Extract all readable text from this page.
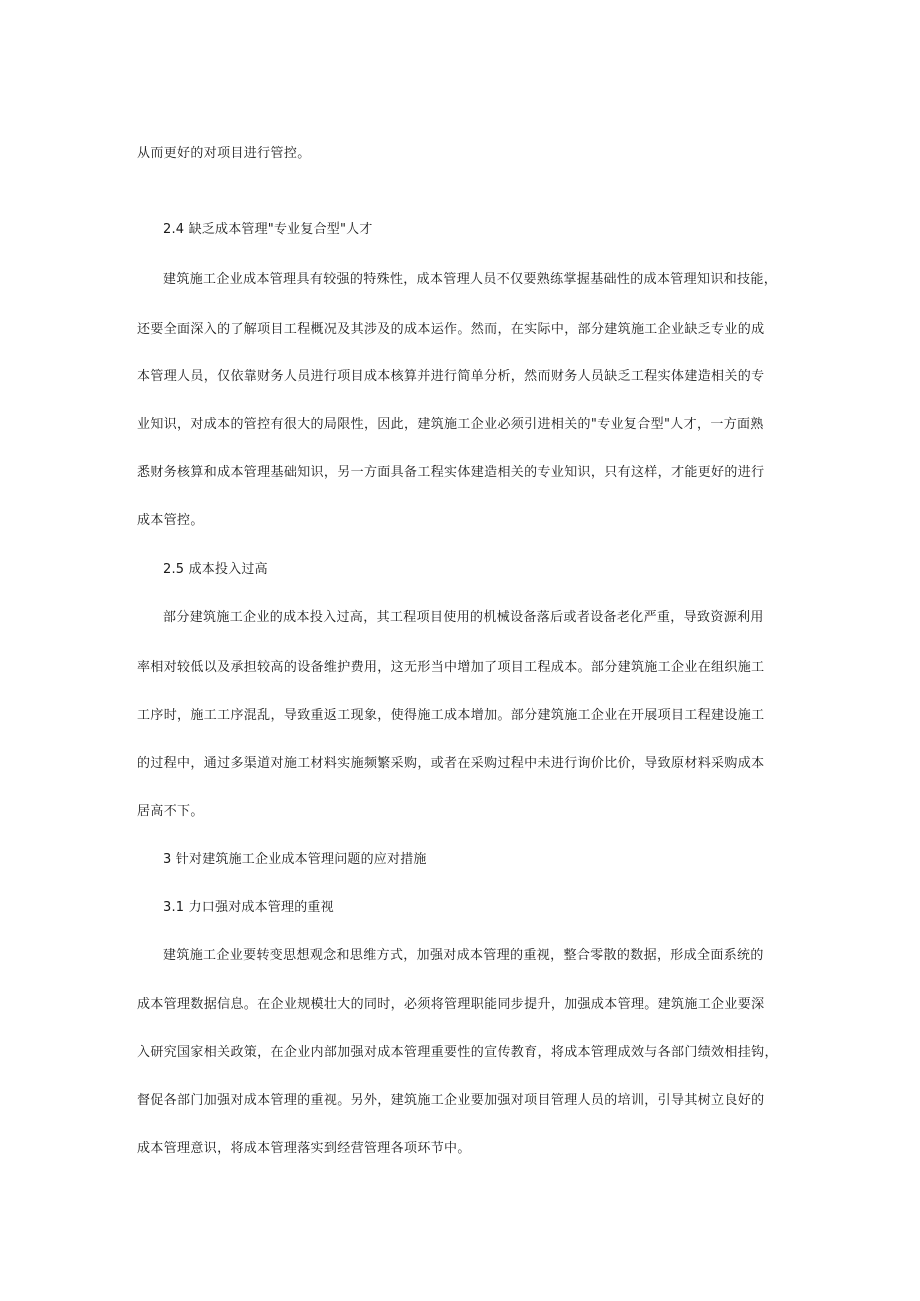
从而更好的对项目进行管控。
2.4 缺乏成本管理"专业复合型"人才
建筑施工企业成本管理具有较强的特殊性，成本管理人员不仅要熟练掌握基础性的成本管理知识和技能，
还要全面深入的了解项目工程概况及其涉及的成本运作。然而，在实际中，部分建筑施工企业缺乏专业的成
本管理人员，仅依靠财务人员进行项目成本核算并进行简单分析，然而财务人员缺乏工程实体建造相关的专
业知识，对成本的管控有很大的局限性，因此，建筑施工企业必须引进相关的"专业复合型"人才，一方面熟
悉财务核算和成本管理基础知识，另一方面具备工程实体建造相关的专业知识，只有这样，才能更好的进行
成本管控。
2.5 成本投入过高
部分建筑施工企业的成本投入过高，其工程项目使用的机械设备落后或者设备老化严重，导致资源利用
率相对较低以及承担较高的设备维护费用，这无形当中增加了项目工程成本。部分建筑施工企业在组织施工
工序时，施工工序混乱，导致重返工现象，使得施工成本增加。部分建筑施工企业在开展项目工程建设施工
的过程中，通过多渠道对施工材料实施频繁采购，或者在采购过程中未进行询价比价，导致原材料采购成本
居高不下。
3 针对建筑施工企业成本管理问题的应对措施
3.1 力口强对成本管理的重视
建筑施工企业要转变思想观念和思维方式，加强对成本管理的重视，整合零散的数据，形成全面系统的
成本管理数据信息。在企业规模壮大的同时，必须将管理职能同步提升，加强成本管理。建筑施工企业要深
入研究国家相关政策，在企业内部加强对成本管理重要性的宣传教育，将成本管理成效与各部门绩效相挂钩，
督促各部门加强对成本管理的重视。另外，建筑施工企业要加强对项目管理人员的培训，引导其树立良好的
成本管理意识，将成本管理落实到经营管理各项环节中。
